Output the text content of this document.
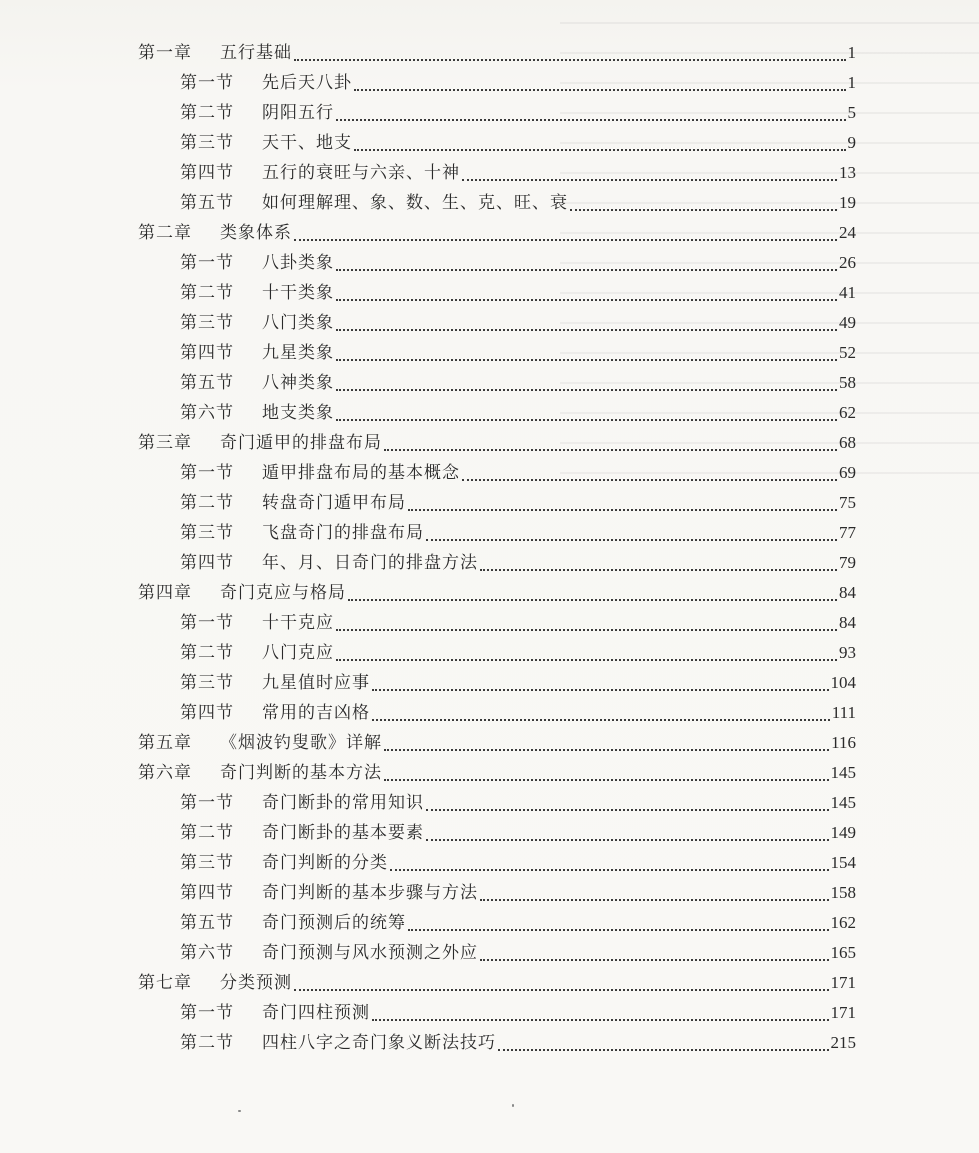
第一章	五行基础	1
第一节	先后天八卦	1
第二节	阴阳五行	5
第三节	天干、地支	9
第四节	五行的衰旺与六亲、十神	13
第五节	如何理解理、象、数、生、克、旺、衰	19
第二章	类象体系	24
第一节	八卦类象	26
第二节	十干类象	41
第三节	八门类象	49
第四节	九星类象	52
第五节	八神类象	58
第六节	地支类象	62
第三章	奇门遁甲的排盘布局	68
第一节	遁甲排盘布局的基本概念	69
第二节	转盘奇门遁甲布局	75
第三节	飞盘奇门的排盘布局	77
第四节	年、月、日奇门的排盘方法	79
第四章	奇门克应与格局	84
第一节	十干克应	84
第二节	八门克应	93
第三节	九星值时应事	104
第四节	常用的吉凶格	111
第五章	《烟波钓叟歌》详解	116
第六章	奇门判断的基本方法	145
第一节	奇门断卦的常用知识	145
第二节	奇门断卦的基本要素	149
第三节	奇门判断的分类	154
第四节	奇门判断的基本步骤与方法	158
第五节	奇门预测后的统筹	162
第六节	奇门预测与风水预测之外应	165
第七章	分类预测	171
第一节	奇门四柱预测	171
第二节	四柱八字之奇门象义断法技巧	215
